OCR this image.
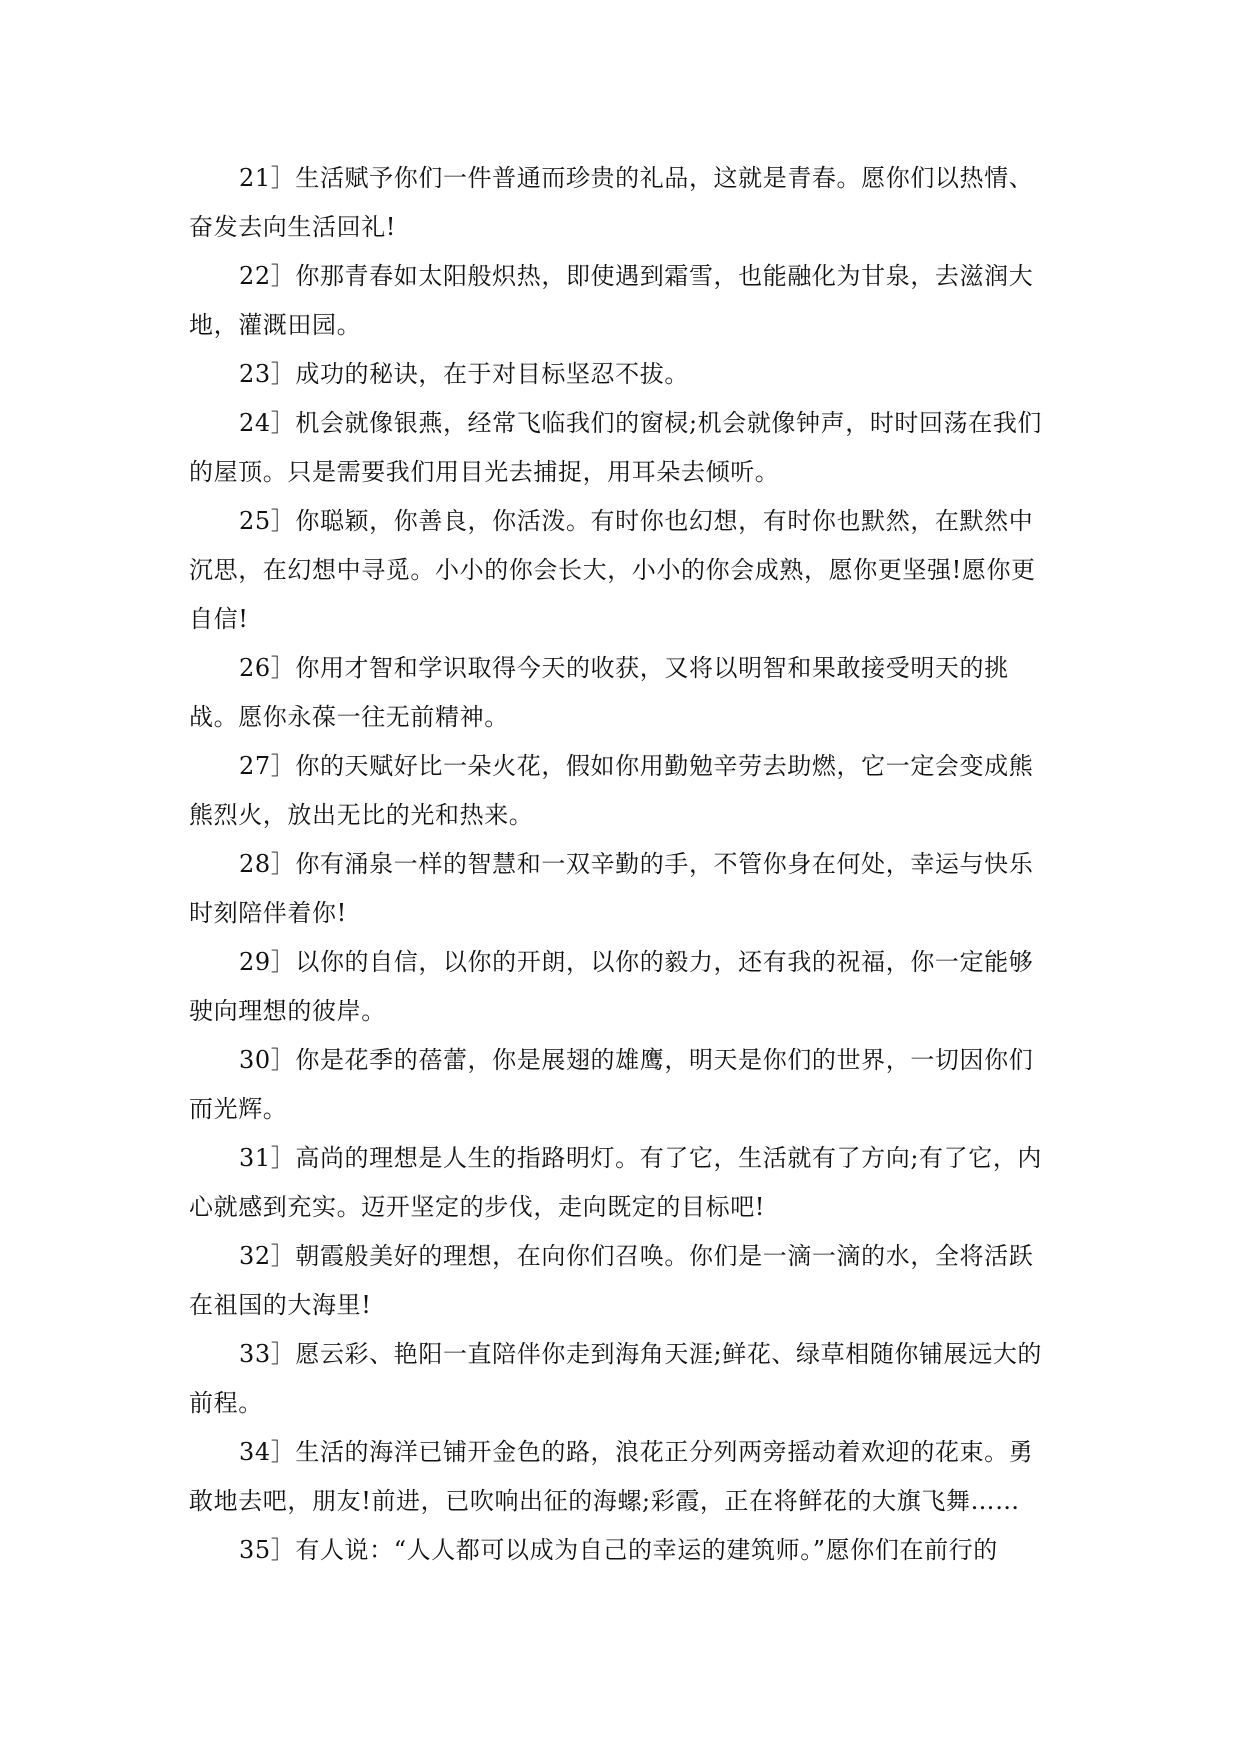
21］生活赋予你们一件普通而珍贵的礼品，这就是青春。愿你们以热情、奋发去向生活回礼!

22］你那青春如太阳般炽热，即使遇到霜雪，也能融化为甘泉，去滋润大地，灌溉田园。

23］成功的秘诀，在于对目标坚忍不拔。

24］机会就像银燕，经常飞临我们的窗棂;机会就像钟声，时时回荡在我们的屋顶。只是需要我们用目光去捕捉，用耳朵去倾听。

25］你聪颖，你善良，你活泼。有时你也幻想，有时你也默然，在默然中沉思，在幻想中寻觅。小小的你会长大，小小的你会成熟，愿你更坚强!愿你更自信!

26］你用才智和学识取得今天的收获，又将以明智和果敢接受明天的挑战。愿你永葆一往无前精神。

27］你的天赋好比一朵火花，假如你用勤勉辛劳去助燃，它一定会变成熊熊烈火，放出无比的光和热来。

28］你有涌泉一样的智慧和一双辛勤的手，不管你身在何处，幸运与快乐时刻陪伴着你!

29］以你的自信，以你的开朗，以你的毅力，还有我的祝福，你一定能够驶向理想的彼岸。

30］你是花季的蓓蕾，你是展翅的雄鹰，明天是你们的世界，一切因你们而光辉。

31］高尚的理想是人生的指路明灯。有了它，生活就有了方向;有了它，内心就感到充实。迈开坚定的步伐，走向既定的目标吧!

32］朝霞般美好的理想，在向你们召唤。你们是一滴一滴的水，全将活跃在祖国的大海里!

33］愿云彩、艳阳一直陪伴你走到海角天涯;鲜花、绿草相随你铺展远大的前程。

34］生活的海洋已铺开金色的路，浪花正分列两旁摇动着欢迎的花束。勇敢地去吧，朋友!前进，已吹响出征的海螺;彩霞，正在将鲜花的大旗飞舞……

35］有人说：“人人都可以成为自己的幸运的建筑师。”愿你们在前行的
